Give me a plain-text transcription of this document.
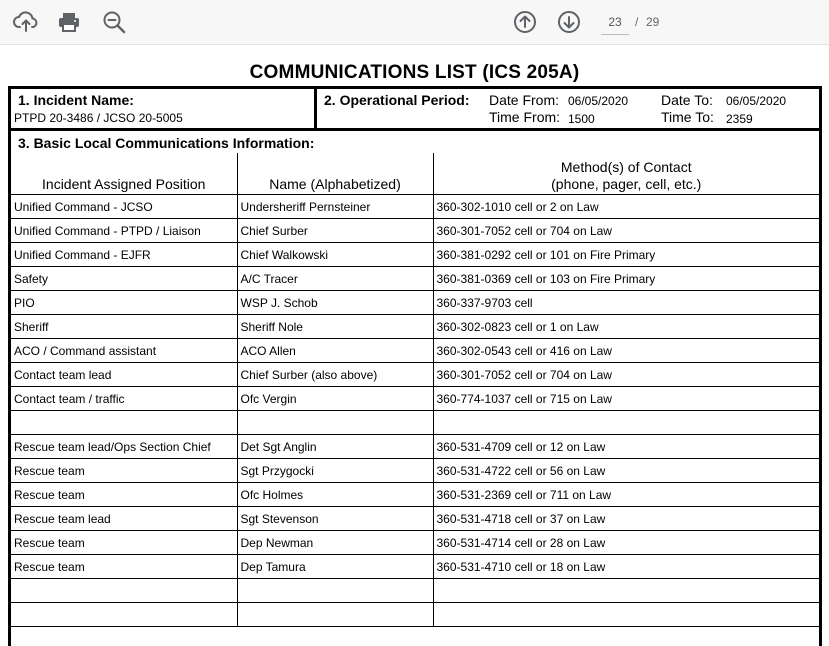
23
/ 29
COMMUNICATIONS LIST (ICS 205A)
1. Incident Name:
PTPD 20-3486 / JCSO 20-5005
2. Operational Period: Date From: 06/05/2020
Time From: 1500
Date To: 06/05/2020
Time To: 2359
3. Basic Local Communications Information:
Incident Assigned Position	Name (Alphabetized)	Method(s) of Contact
(phone, pager, cell, etc.)
Unified Command - JCSO	Undersheriff Pernsteiner	360-302-1010 cell or 2 on Law
Unified Command - PTPD / Liaison	Chief Surber	360-301-7052 cell or 704 on Law
Unified Command - EJFR	Chief Walkowski	360-381-0292 cell or 101 on Fire Primary
Safety	A/C Tracer	360-381-0369 cell or 103 on Fire Primary
PIO	WSP J. Schob	360-337-9703 cell
Sheriff	Sheriff Nole	360-302-0823 cell or 1 on Law
ACO / Command assistant	ACO Allen	360-302-0543 cell or 416 on Law
Contact team lead	Chief Surber (also above)	360-301-7052 cell or 704 on Law
Contact team / traffic	Ofc Vergin	360-774-1037 cell or 715 on Law

Rescue team lead/Ops Section Chief	Det Sgt Anglin	360-531-4709 cell or 12 on Law
Rescue team	Sgt Przygocki	360-531-4722 cell or 56 on Law
Rescue team	Ofc Holmes	360-531-2369 cell or 711 on Law
Rescue team lead	Sgt Stevenson	360-531-4718 cell or 37 on Law
Rescue team	Dep Newman	360-531-4714 cell or 28 on Law
Rescue team	Dep Tamura	360-531-4710 cell or 18 on Law
